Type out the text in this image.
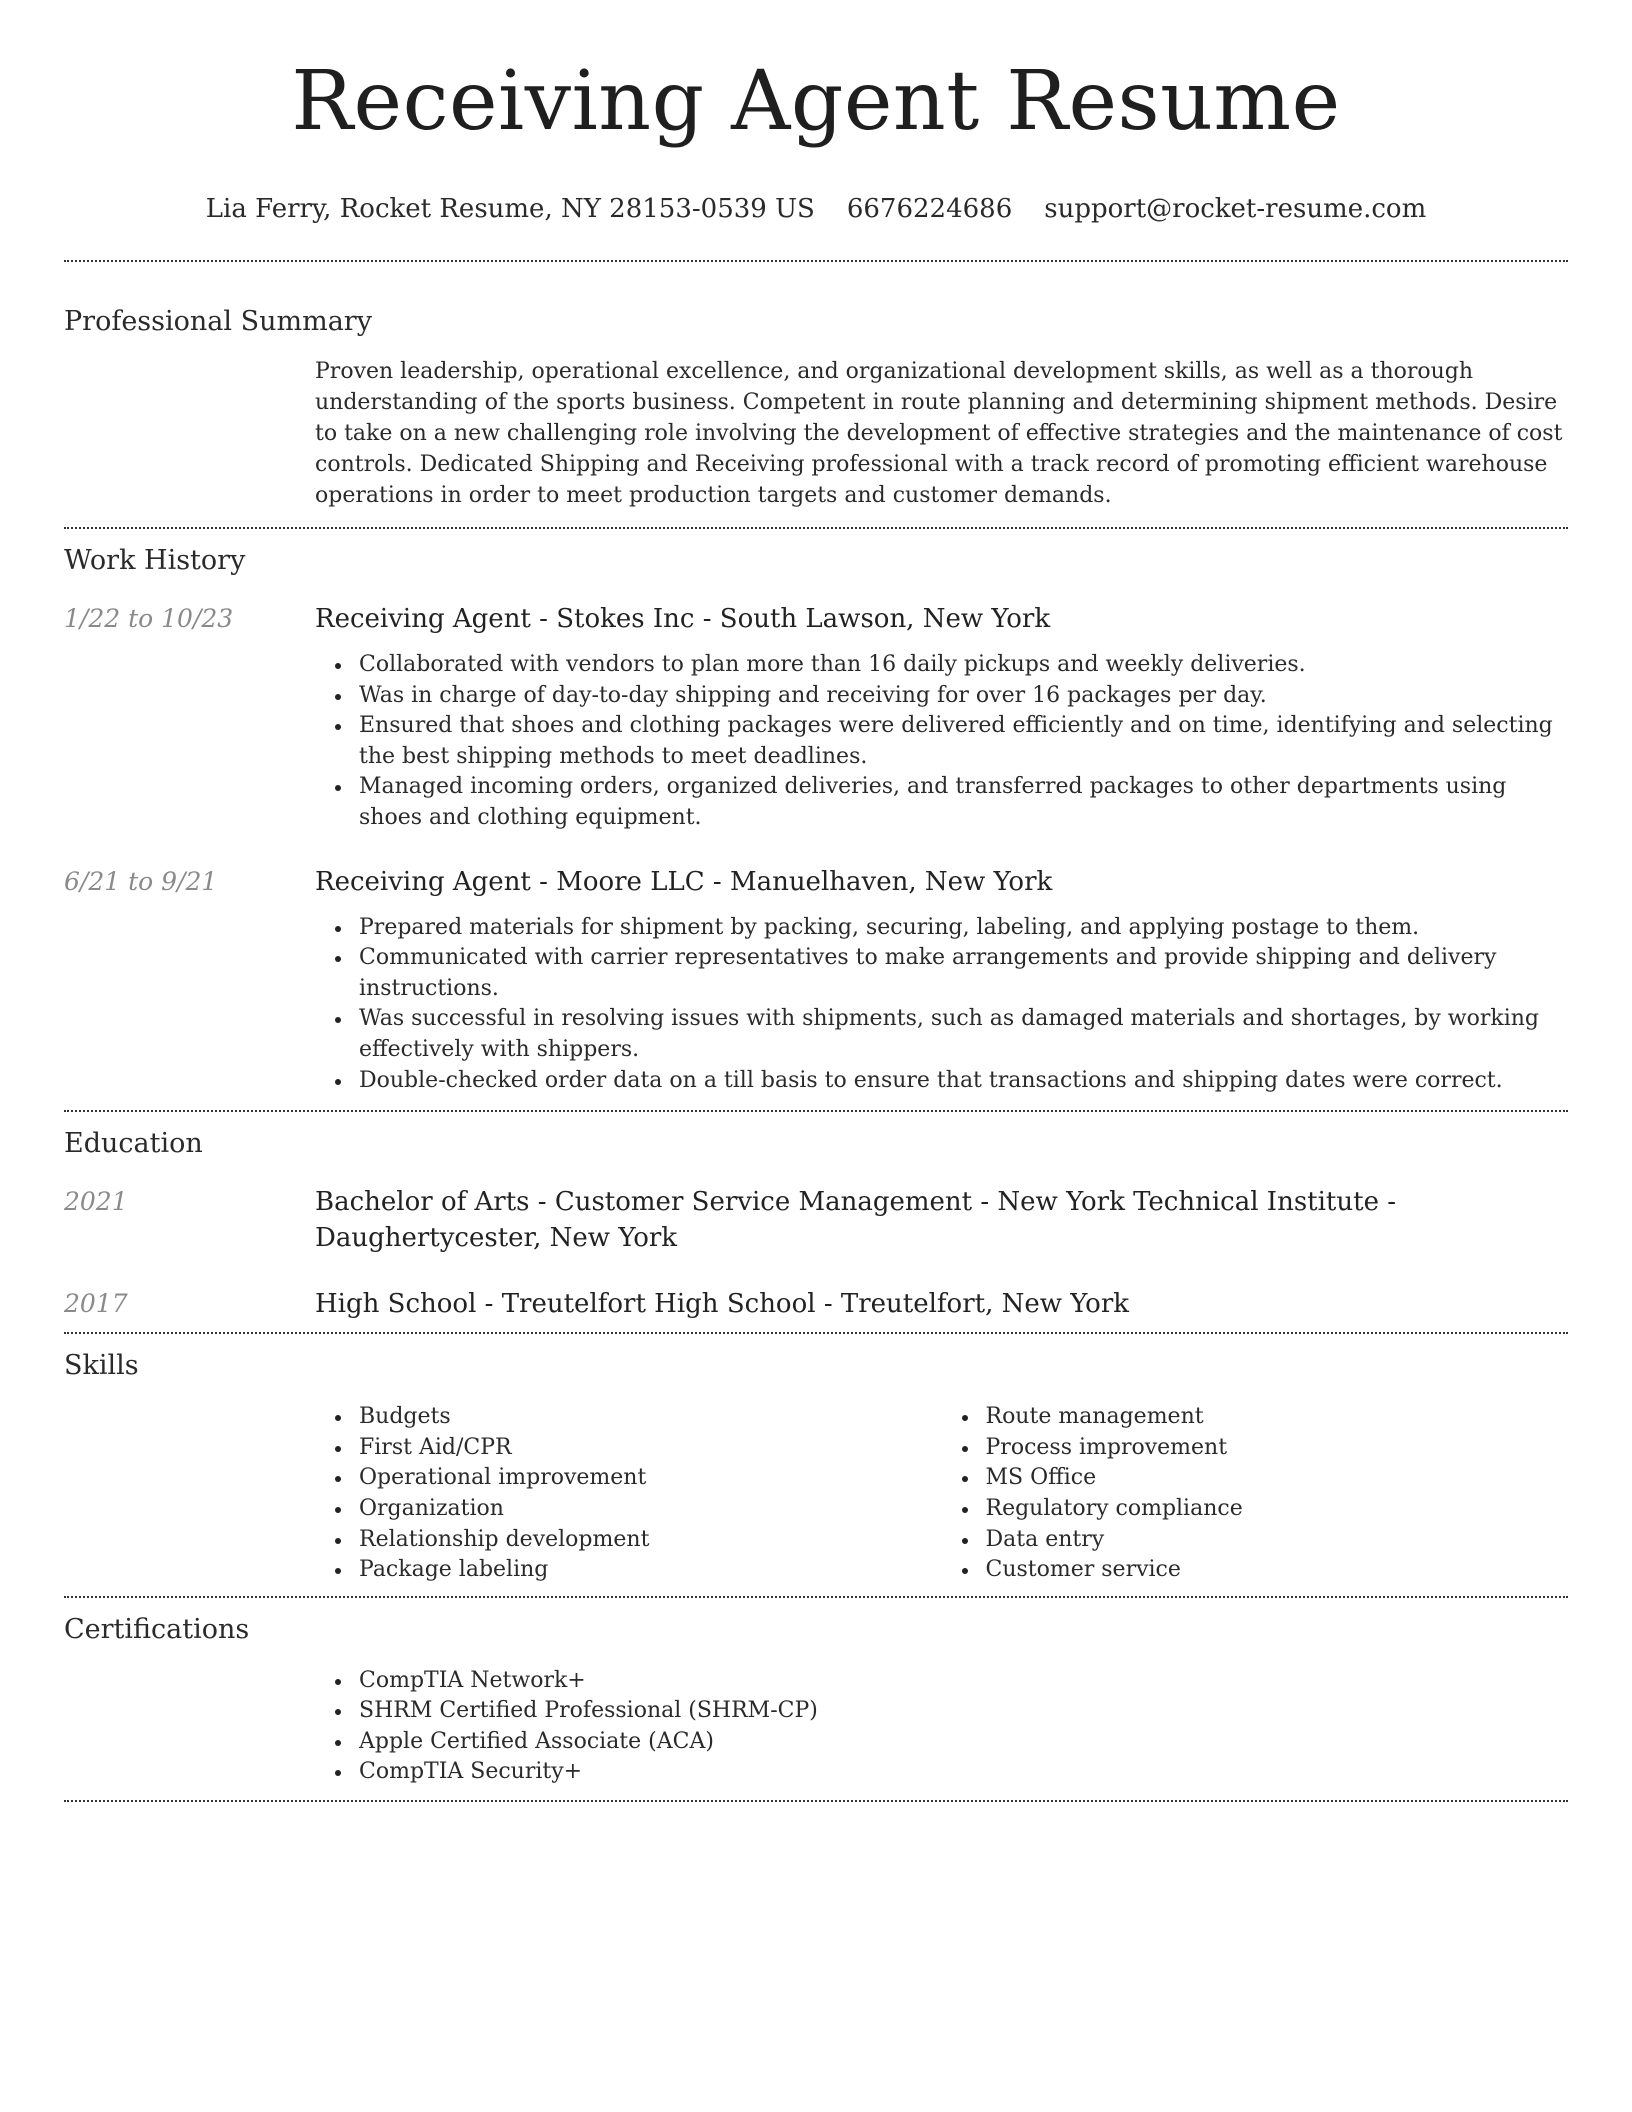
Receiving Agent Resume
Lia Ferry, Rocket Resume, NY 28153-0539 US 6676224686 support@rocket-resume.com
Professional Summary

Proven leadership, operational excellence, and organizational development skills, as well as a thorough understanding of the sports business. Competent in route planning and determining shipment methods. Desire to take on a new challenging role involving the development of effective strategies and the maintenance of cost controls. Dedicated Shipping and Receiving professional with a track record of promoting efficient warehouse operations in order to meet production targets and customer demands.

Work History
1/22 to 10/23	Receiving Agent - Stokes Inc - South Lawson, New York
Collaborated with vendors to plan more than 16 daily pickups and weekly deliveries.
Was in charge of day-to-day shipping and receiving for over 16 packages per day.
Ensured that shoes and clothing packages were delivered efficiently and on time, identifying and selecting the best shipping methods to meet deadlines.
Managed incoming orders, organized deliveries, and transferred packages to other departments using shoes and clothing equipment.
6/21 to 9/21	Receiving Agent - Moore LLC - Manuelhaven, New York
Prepared materials for shipment by packing, securing, labeling, and applying postage to them.
Communicated with carrier representatives to make arrangements and provide shipping and delivery instructions.
Was successful in resolving issues with shipments, such as damaged materials and shortages, by working effectively with shippers.
Double-checked order data on a till basis to ensure that transactions and shipping dates were correct.
Education
2021	Bachelor of Arts - Customer Service Management - New York Technical Institute - Daughertycester, New York
2017	High School - Treutelfort High School - Treutelfort, New York
Skills
Budgets
First Aid/CPR
Operational improvement
Organization
Relationship development
Package labeling
Route management
Process improvement
MS Office
Regulatory compliance
Data entry
Customer service
Certifications
CompTIA Network+
SHRM Certified Professional (SHRM-CP)
Apple Certified Associate (ACA)
CompTIA Security+
